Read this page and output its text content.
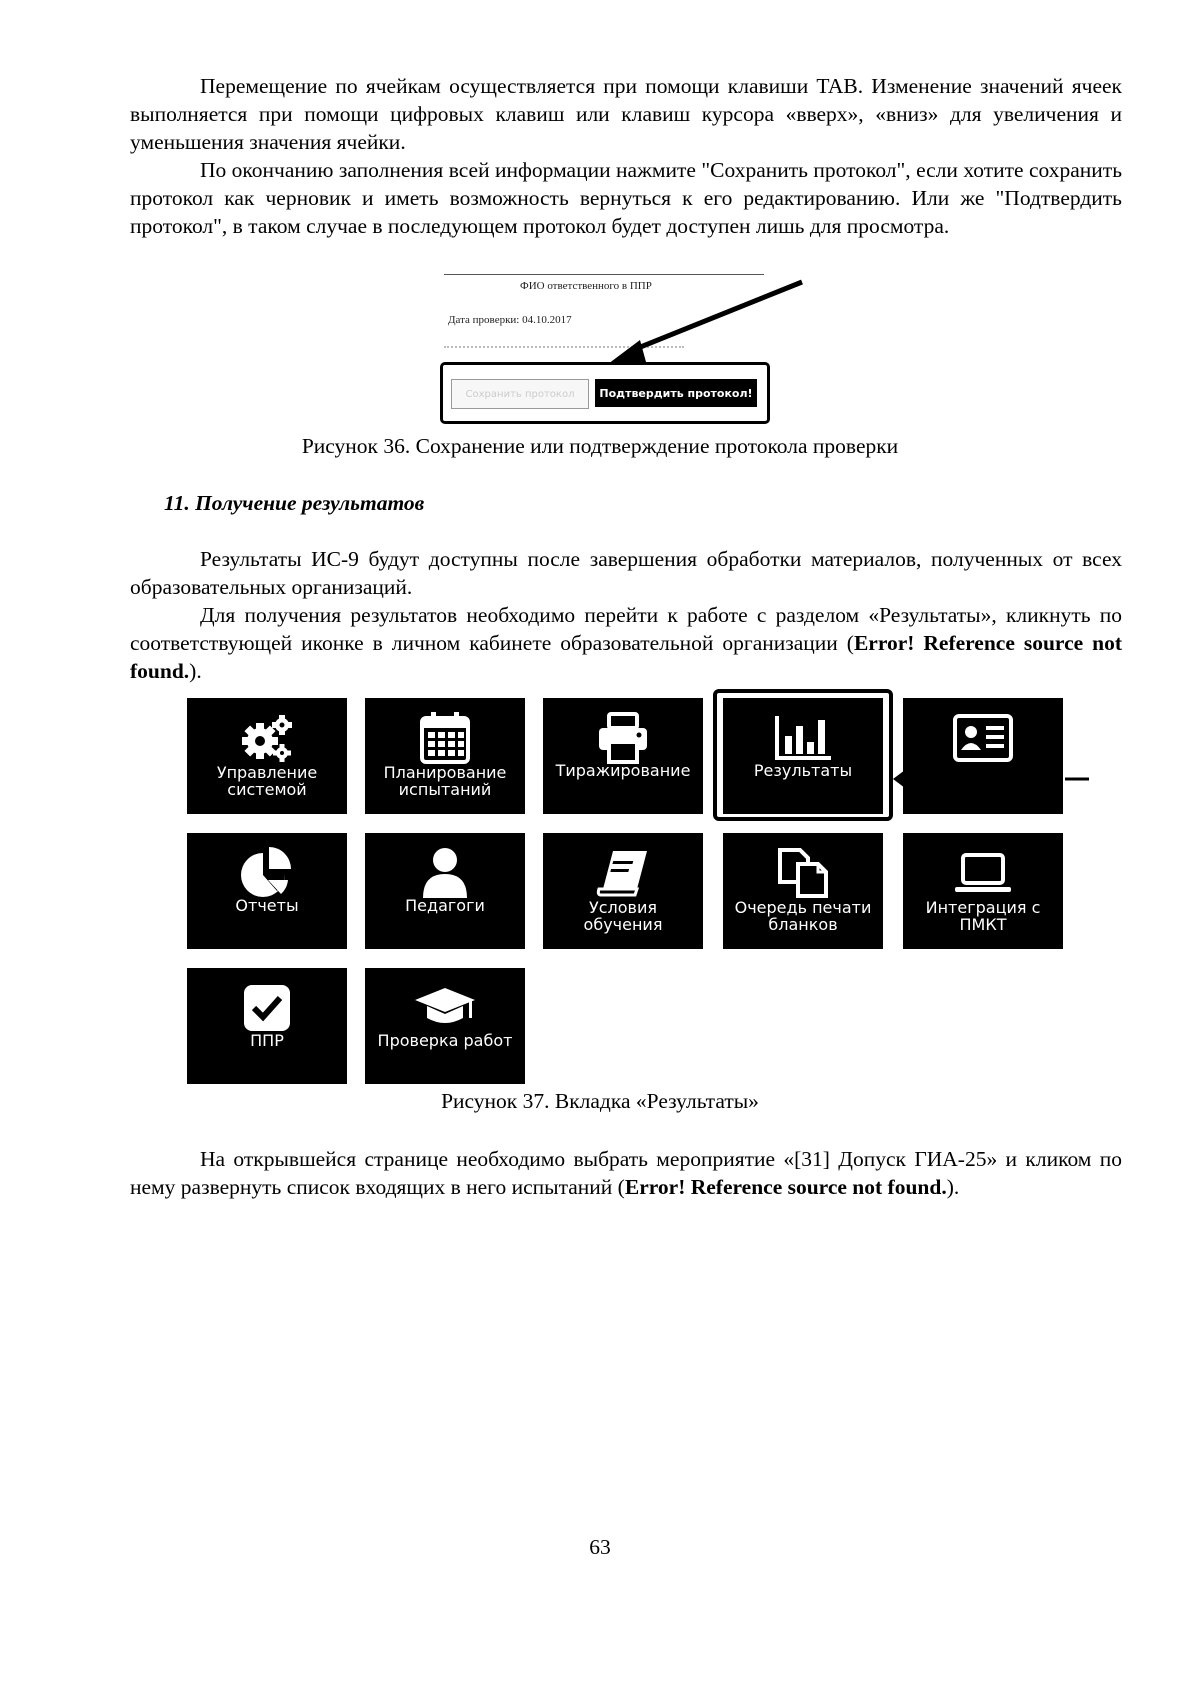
Перемещение по ячейкам осуществляется при помощи клавиши TAB. Изменение значений ячеек выполняется при помощи цифровых клавиш или клавиш курсора «вверх», «вниз» для увеличения и уменьшения значения ячейки.

По окончанию заполнения всей информации нажмите "Сохранить протокол", если хотите сохранить протокол как черновик и иметь возможность вернуться к его редактированию. Или же "Подтвердить протокол", в таком случае в последующем протокол будет доступен лишь для просмотра.

ФИО ответственного в ППР
Дата проверки: 04.10.2017
Сохранить протокол	Подтвердить протокол!

Рисунок 36. Сохранение или подтверждение протокола проверки

11. Получение результатов

Результаты ИС-9 будут доступны после завершения обработки материалов, полученных от всех образовательных организаций.

Для получения результатов необходимо перейти к работе с разделом «Результаты», кликнуть по соответствующей иконке в личном кабинете образовательной организации (Error! Reference source not found.).

Управление
системой
Планирование
испытаний
Тиражирование	Результаты
Отчеты	Педагоги	Условия
обучения
Очередь печати
бланков
Интеграция с
ПМКТ
ППР	Проверка работ

Рисунок 37. Вкладка «Результаты»

На открывшейся странице необходимо выбрать мероприятие «[31] Допуск ГИА-25» и кликом по нему развернуть список входящих в него испытаний (Error! Reference source not found.).

63
